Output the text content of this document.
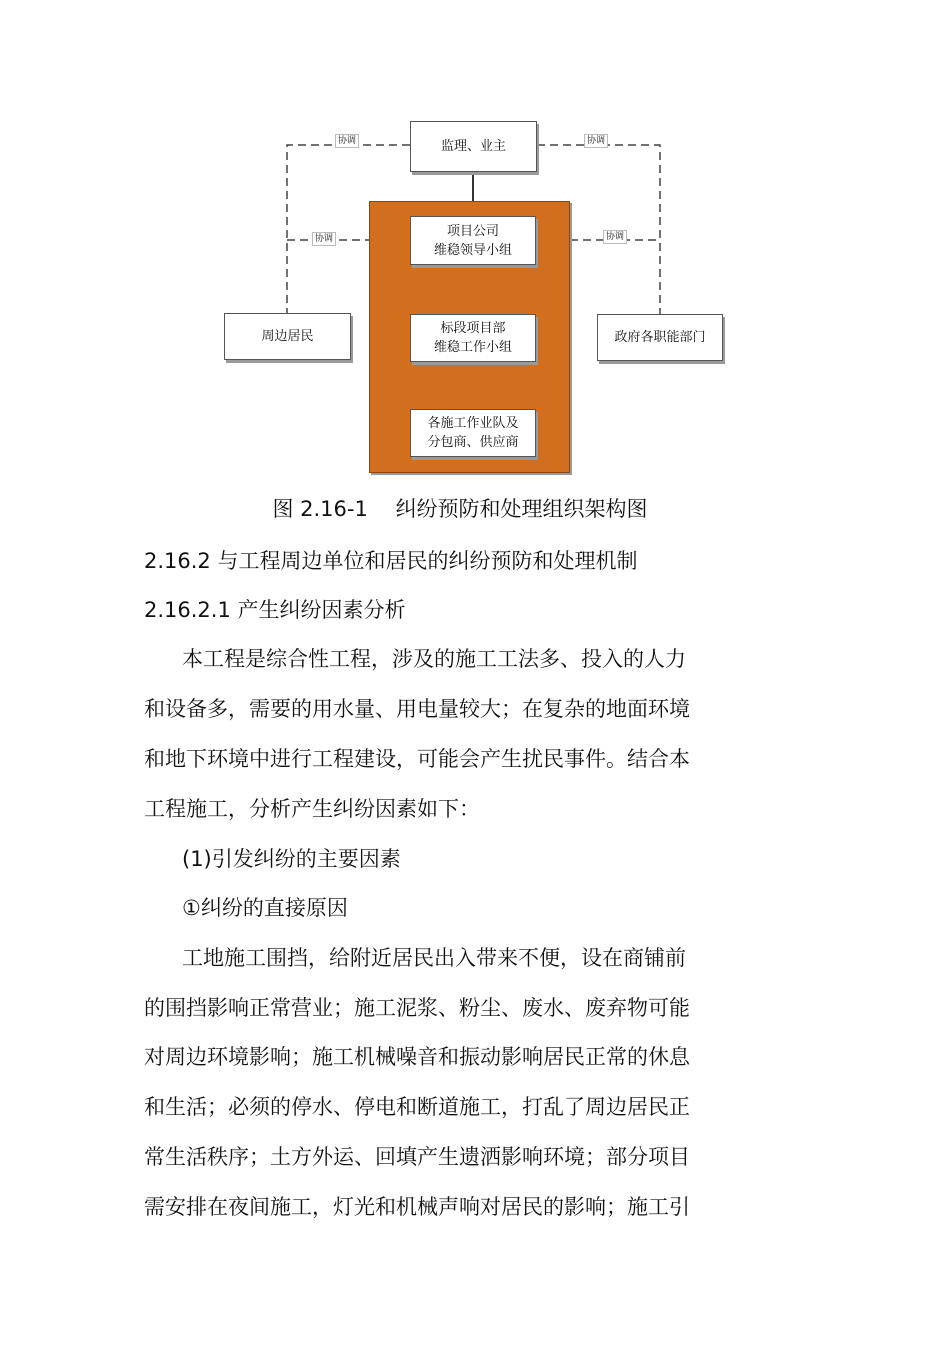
监理、业主
项目公司
维稳领导小组
标段项目部
维稳工作小组
各施工作业队及
分包商、供应商
周边居民	政府各职能部门
协调	协调
协调	协调
图 2.16-1　 纠纷预防和处理组织架构图
2.16.2 与工程周边单位和居民的纠纷预防和处理机制
2.16.2.1 产生纠纷因素分析
本工程是综合性工程，涉及的施工工法多、投入的人力
和设备多，需要的用水量、用电量较大；在复杂的地面环境
和地下环境中进行工程建设，可能会产生扰民事件。结合本
工程施工，分析产生纠纷因素如下：
(1)引发纠纷的主要因素
①纠纷的直接原因
工地施工围挡，给附近居民出入带来不便，设在商铺前
的围挡影响正常营业；施工泥浆、粉尘、废水、废弃物可能
对周边环境影响；施工机械噪音和振动影响居民正常的休息
和生活；必须的停水、停电和断道施工，打乱了周边居民正
常生活秩序；土方外运、回填产生遗洒影响环境；部分项目
需安排在夜间施工，灯光和机械声响对居民的影响；施工引
